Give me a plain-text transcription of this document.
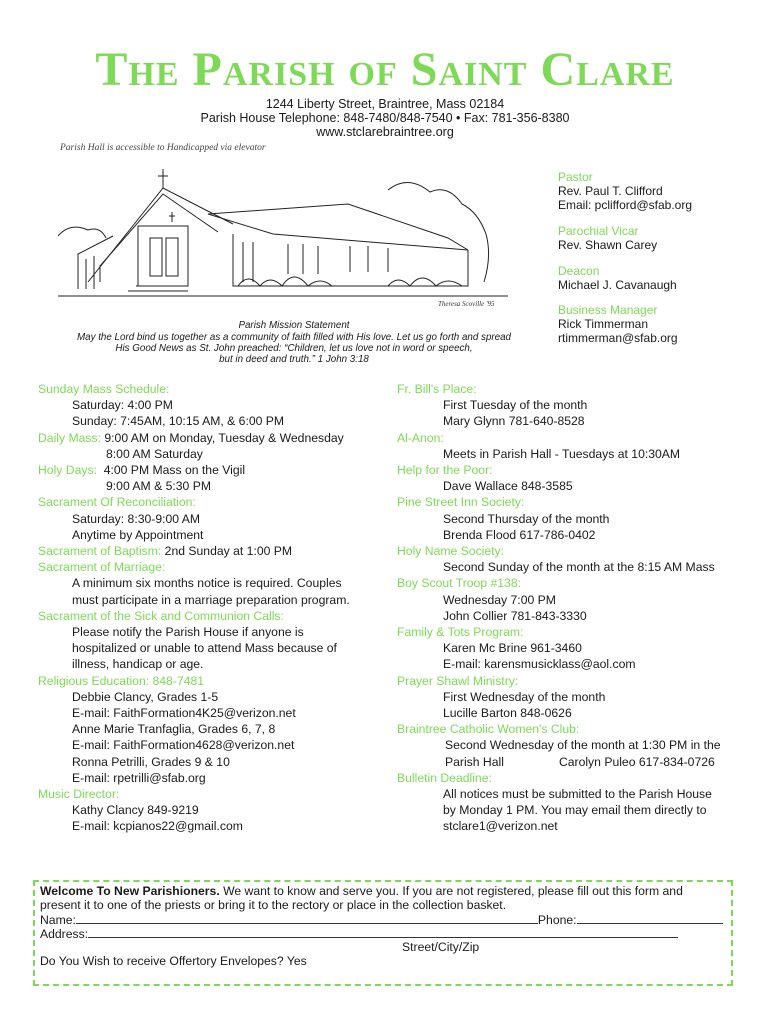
The Parish of Saint Clare
1244 Liberty Street, Braintree, Mass 02184
Parish House Telephone: 848-7480/848-7540 • Fax: 781-356-8380
www.stclarebraintree.org
Parish Hall is accessible to Handicapped via elevator
Theresa Scoville '95
Parish Mission Statement
May the Lord bind us together as a community of faith filled with His love. Let us go forth and spread
His Good News as St. John preached: “Children, let us love not in word or speech,
but in deed and truth.” 1 John 3:18
Pastor
Rev. Paul T. Clifford
Email: pclifford@sfab.org
Parochial Vicar
Rev. Shawn Carey
Deacon
Michael J. Cavanaugh
Business Manager
Rick Timmerman
rtimmerman@sfab.org
Sunday Mass Schedule:
Saturday: 4:00 PM
Sunday: 7:45AM, 10:15 AM, & 6:00 PM
Daily Mass: 9:00 AM on Monday, Tuesday & Wednesday
8:00 AM Saturday
Holy Days: 4:00 PM Mass on the Vigil
9:00 AM & 5:30 PM
Sacrament Of Reconciliation:
Saturday: 8:30-9:00 AM
Anytime by Appointment
Sacrament of Baptism: 2nd Sunday at 1:00 PM
Sacrament of Marriage:
A minimum six months notice is required. Couples
must participate in a marriage preparation program.
Sacrament of the Sick and Communion Calls:
Please notify the Parish House if anyone is
hospitalized or unable to attend Mass because of
illness, handicap or age.
Religious Education: 848-7481
Debbie Clancy, Grades 1-5
E-mail: FaithFormation4K25@verizon.net
Anne Marie Tranfaglia, Grades 6, 7, 8
E-mail: FaithFormation4628@verizon.net
Ronna Petrilli, Grades 9 & 10
E-mail: rpetrilli@sfab.org
Music Director:
Kathy Clancy 849-9219
E-mail: kcpianos22@gmail.com
Fr. Bill's Place:
First Tuesday of the month
Mary Glynn 781-640-8528
Al-Anon:
Meets in Parish Hall - Tuesdays at 10:30AM
Help for the Poor:
Dave Wallace 848-3585
Pine Street Inn Society:
Second Thursday of the month
Brenda Flood 617-786-0402
Holy Name Society:
Second Sunday of the month at the 8:15 AM Mass
Boy Scout Troop #138:
Wednesday 7:00 PM
John Collier 781-843-3330
Family & Tots Program:
Karen Mc Brine 961-3460
E-mail: karensmusicklass@aol.com
Prayer Shawl Ministry:
First Wednesday of the month
Lucille Barton 848-0626
Braintree Catholic Women's Club:
Second Wednesday of the month at 1:30 PM in the
Parish Hall	Carolyn Puleo 617-834-0726
Bulletin Deadline:
All notices must be submitted to the Parish House
by Monday 1 PM. You may email them directly to
stclare1@verizon.net
Welcome To New Parishioners. We want to know and serve you. If you are not registered, please fill out this form and
present it to one of the priests or bring it to the rectory or place in the collection basket.
Name:	Phone:
Address:
Street/City/Zip
Do You Wish to receive Offertory Envelopes? Yes
